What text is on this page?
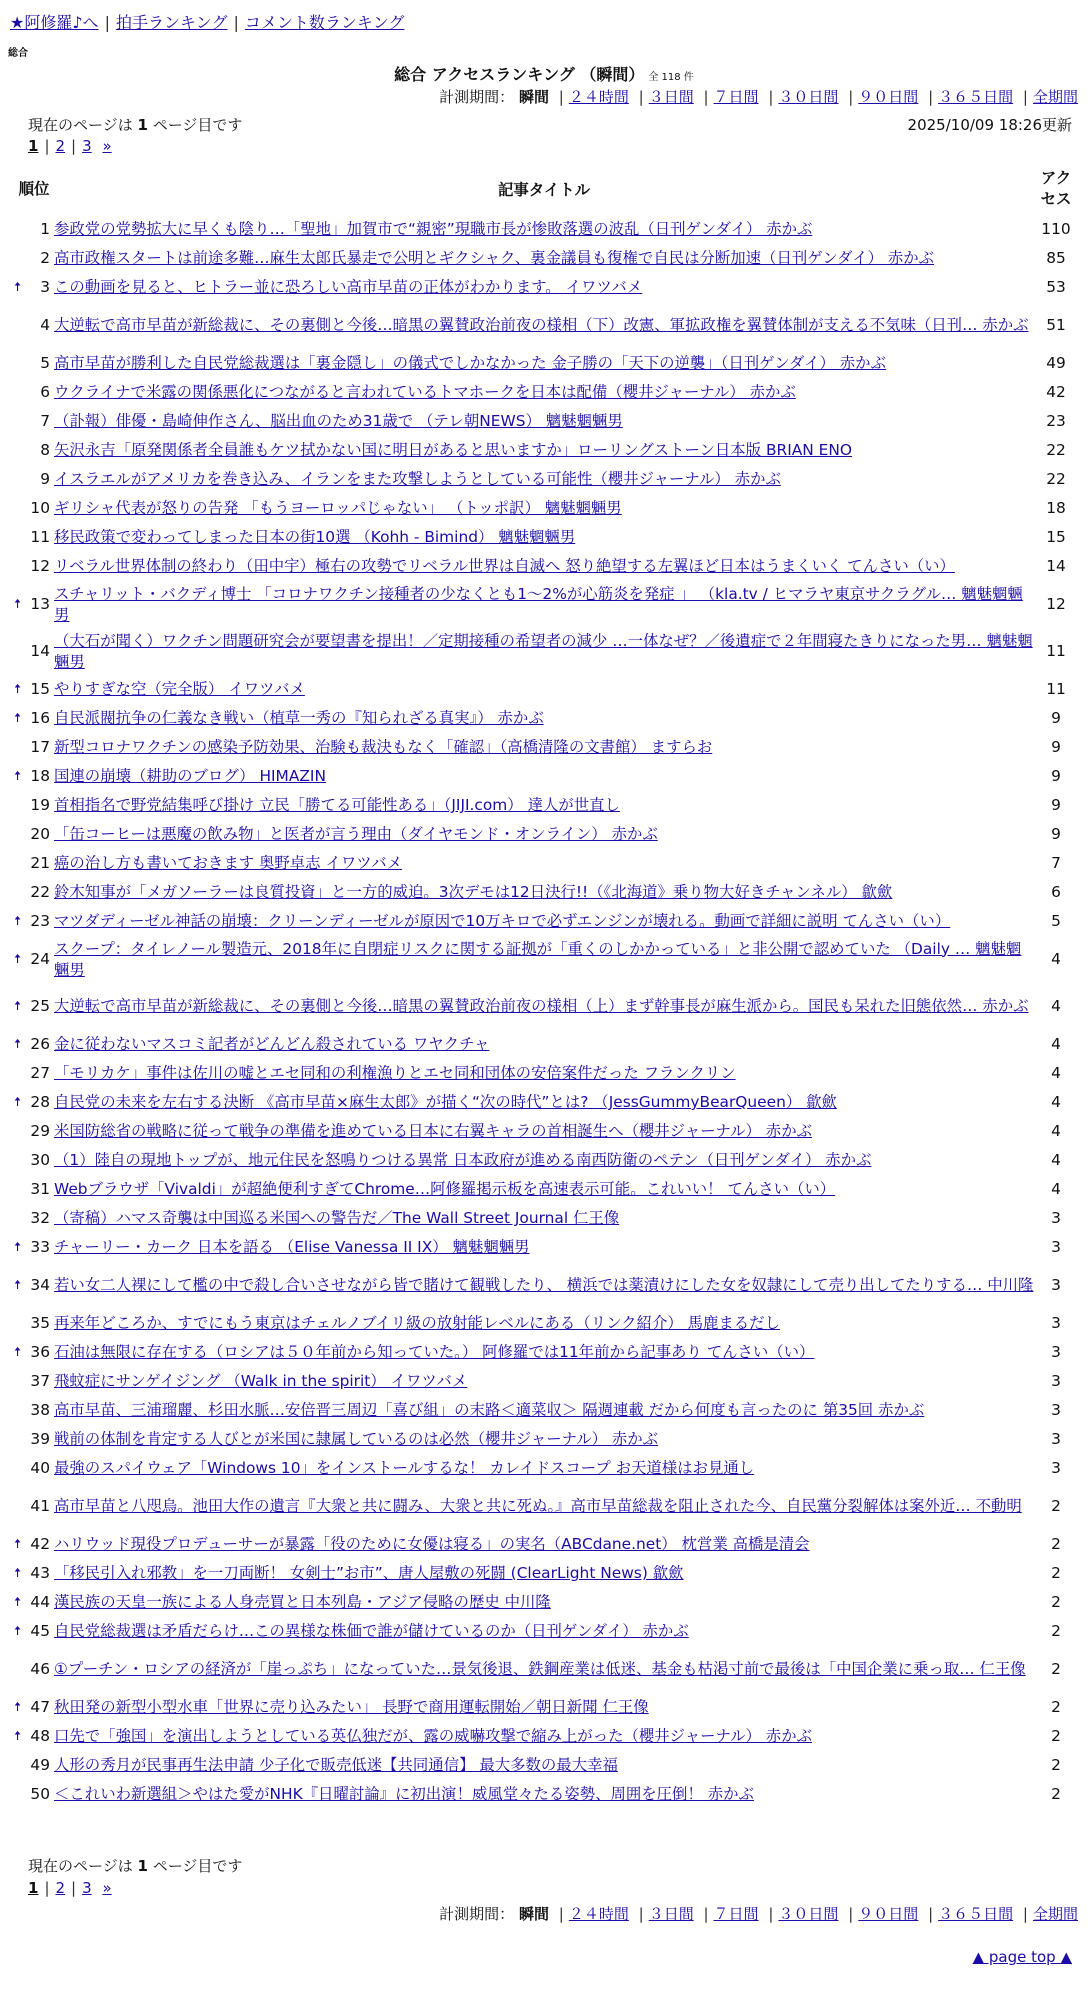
★阿修羅♪へ | 拍手ランキング | コメント数ランキング
総合
総合 アクセスランキング （瞬間） 全 118 件
計測期間： 瞬間 | ２４時間 | ３日間 | ７日間 | ３０日間 | ９０日間 | ３６５日間 | 全期間
現在のページは 1 ページ目です	2025/10/09 18:26更新
1 | 2 | 3 »
順位		記事タイトル	アクセス
	1	参政党の党勢拡大に早くも陰り…「聖地」加賀市で“親密”現職市長が惨敗落選の波乱（日刊ゲンダイ） 赤かぶ	110
	2	高市政権スタートは前途多難…麻生太郎氏暴走で公明とギクシャク、裏金議員も復権で自民は分断加速（日刊ゲンダイ） 赤かぶ	85
🠅	3	この動画を見ると、ヒトラー並に恐ろしい高市早苗の正体がわかります。 イワツバメ	53
	4	大逆転で高市早苗が新総裁に、その裏側と今後…暗黒の翼賛政治前夜の様相（下）改憲、軍拡政権を翼賛体制が支える不気味（日刊… 赤かぶ	51
	5	高市早苗が勝利した自民党総裁選は「裏金隠し」の儀式でしかなかった 金子勝の「天下の逆襲」（日刊ゲンダイ） 赤かぶ	49
	6	ウクライナで米露の関係悪化につながると言われているトマホークを日本は配備（櫻井ジャーナル） 赤かぶ	42
	7	（訃報）俳優・島崎伸作さん、脳出血のため31歳で （テレ朝NEWS） 魑魅魍魎男	23
	8	矢沢永吉「原発関係者全員誰もケツ拭かない国に明日があると思いますか」ローリングストーン日本版 BRIAN ENO	22
	9	イスラエルがアメリカを巻き込み、イランをまた攻撃しようとしている可能性（櫻井ジャーナル） 赤かぶ	22
	10	ギリシャ代表が怒りの告発 「もうヨーロッパじゃない」 （トッポ訳） 魑魅魍魎男	18
	11	移民政策で変わってしまった日本の街10選 （Kohh - Bimind） 魑魅魍魎男	15
	12	リベラル世界体制の終わり（田中宇）極右の攻勢でリベラル世界は自滅へ 怒り絶望する左翼ほど日本はうまくいく てんさい（い）	14
🠅	13	スチャリット・バクディ博士 「コロナワクチン接種者の少なくとも1～2%が心筋炎を発症 」 （kla.tv / ヒマラヤ東京サクラグル… 魑魅魍魎男	12
	14	（大石が聞く）ワクチン問題研究会が要望書を提出！／定期接種の希望者の減少 …一体なぜ？／後遺症で２年間寝たきりになった男… 魑魅魍魎男	11
🠅	15	やりすぎな空（完全版） イワツバメ	11
🠅	16	自民派閥抗争の仁義なき戦い（植草一秀の『知られざる真実』） 赤かぶ	9
	17	新型コロナワクチンの感染予防効果、治験も裁決もなく「確認」（高橋清隆の文書館） ますらお	9
🠅	18	国連の崩壊（耕助のブログ） HIMAZIN	9
	19	首相指名で野党結集呼び掛け 立民「勝てる可能性ある」（JIJI.com） 達人が世直し	9
	20	「缶コーヒーは悪魔の飲み物」と医者が言う理由（ダイヤモンド・オンライン） 赤かぶ	9
	21	癌の治し方も書いておきます 奥野卓志 イワツバメ	7
	22	鈴木知事が「メガソーラーは良質投資」と一方的威迫。3次デモは12日決行!!（《北海道》乗り物大好きチャンネル） 歙歛	6
🠅	23	マツダディーゼル神話の崩壊：クリーンディーゼルが原因で10万キロで必ずエンジンが壊れる。動画で詳細に説明 てんさい（い）	5
🠅	24	スクープ：タイレノール製造元、2018年に自閉症リスクに関する証拠が「重くのしかかっている」と非公開で認めていた （Daily … 魑魅魍魎男	4
🠅	25	大逆転で高市早苗が新総裁に、その裏側と今後…暗黒の翼賛政治前夜の様相（上）まず幹事長が麻生派から。国民も呆れた旧態依然… 赤かぶ	4
🠅	26	金に従わないマスコミ記者がどんどん殺されている ワヤクチャ	4
	27	「モリカケ」事件は佐川の嘘とエセ同和の利権漁りとエセ同和団体の安倍案件だった フランクリン	4
🠅	28	自民党の未来を左右する決断 《高市早苗×麻生太郎》が描く“次の時代”とは? （JessGummyBearQueen） 歙歛	4
	29	米国防総省の戦略に従って戦争の準備を進めている日本に右翼キャラの首相誕生へ（櫻井ジャーナル） 赤かぶ	4
	30	（1）陸自の現地トップが、地元住民を怒鳴りつける異常 日本政府が進める南西防衛のペテン（日刊ゲンダイ） 赤かぶ	4
	31	Webブラウザ「Vivaldi」が超絶便利すぎてChrome…阿修羅掲示板を高速表示可能。これいい！ てんさい（い）	4
	32	（寄稿）ハマス奇襲は中国巡る米国への警告だ／The Wall Street Journal 仁王像	3
🠅	33	チャーリー・カーク 日本を語る （Elise Vanessa II IX） 魑魅魍魎男	3
🠅	34	若い女二人裸にして檻の中で殺し合いさせながら皆で賭けて観戦したり、 横浜では薬漬けにした女を奴隷にして売り出してたりする… 中川隆	3
	35	再来年どころか、すでにもう東京はチェルノブイリ級の放射能レベルにある（リンク紹介） 馬鹿まるだし	3
🠅	36	石油は無限に存在する（ロシアは５０年前から知っていた。） 阿修羅では11年前から記事あり てんさい（い）	3
	37	飛蚊症にサンゲイジング （Walk in the spirit） イワツバメ	3
	38	高市早苗、三浦瑠麗、杉田水脈…安倍晋三周辺「喜び組」の末路＜適菜収＞ 隔週連載 だから何度も言ったのに 第35回 赤かぶ	3
	39	戦前の体制を肯定する人びとが米国に隷属しているのは必然（櫻井ジャーナル） 赤かぶ	3
	40	最強のスパイウェア「Windows 10」をインストールするな！ カレイドスコープ お天道様はお見通し	3
	41	高市早苗と八咫烏。池田大作の遺言『大衆と共に闘み、大衆と共に死ぬ。』高市早苗総裁を阻止された今、自民黨分裂解体は案外近… 不動明	2
🠅	42	ハリウッド現役プロデューサーが暴露「役のために女優は寝る」の実名（ABCdane.net） 枕営業 高橋是清会	2
🠅	43	「移民引入れ邪教」を一刀両断！ 女剣士”お市”、唐人屋敷の死闘 (ClearLight News) 歙歛	2
🠅	44	漢民族の天皇一族による人身売買と日本列島・アジア侵略の歴史 中川隆	2
🠅	45	自民党総裁選は矛盾だらけ…この異様な株価で誰が儲けているのか（日刊ゲンダイ） 赤かぶ	2
	46	①プーチン・ロシアの経済が「崖っぷち」になっていた…景気後退、鉄鋼産業は低迷、基金も枯渇寸前で最後は「中国企業に乗っ取… 仁王像	2
🠅	47	秋田発の新型小型水車「世界に売り込みたい」 長野で商用運転開始／朝日新聞 仁王像	2
🠅	48	口先で「強国」を演出しようとしている英仏独だが、露の威嚇攻撃で縮み上がった（櫻井ジャーナル） 赤かぶ	2
	49	人形の秀月が民事再生法申請 少子化で販売低迷【共同通信】 最大多数の最大幸福	2
	50	＜これいわ新選組＞やはた愛がNHK『日曜討論』に初出演！威風堂々たる姿勢、周囲を圧倒！ 赤かぶ	2
現在のページは 1 ページ目です
1 | 2 | 3 »
計測期間： 瞬間 | ２４時間 | ３日間 | ７日間 | ３０日間 | ９０日間 | ３６５日間 | 全期間
▲ page top ▲
